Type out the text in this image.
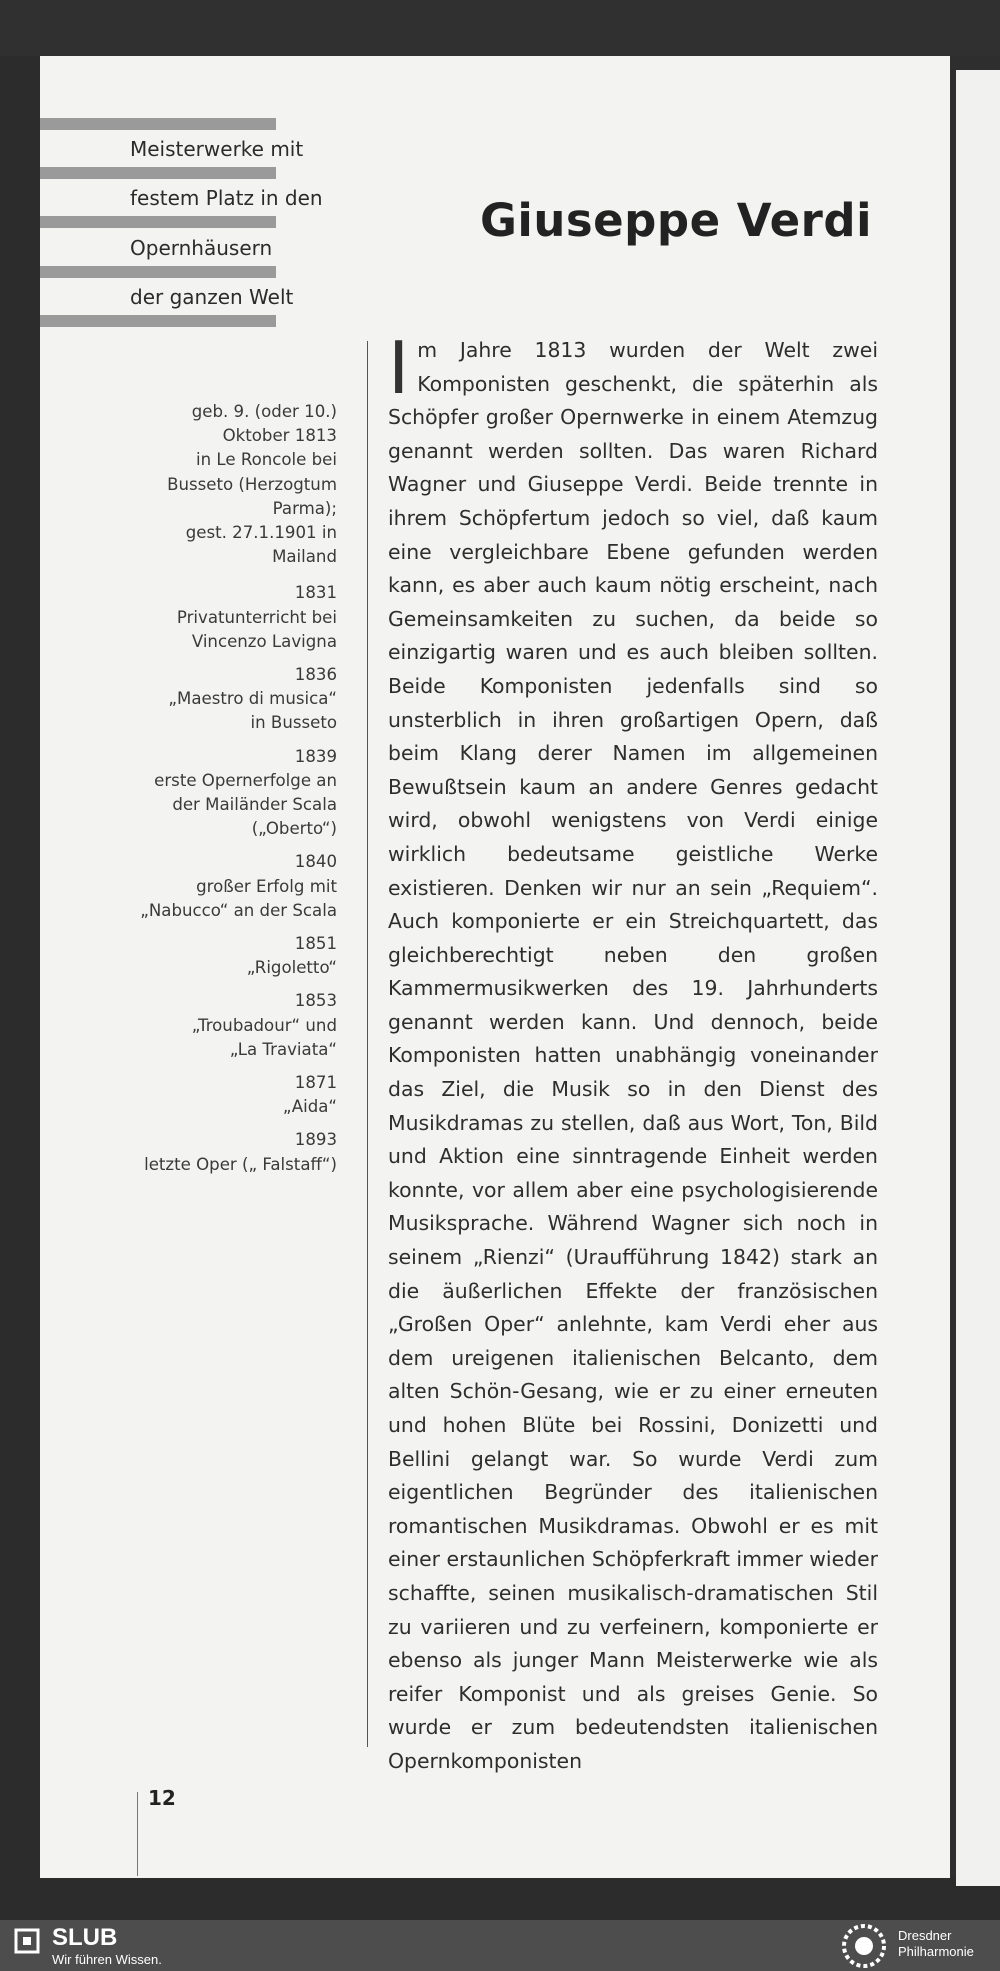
Meisterwerke mit
festem Platz in den
Opernhäusern
der ganzen Welt
Giuseppe Verdi
geb. 9. (oder 10.)
Oktober 1813
in Le Roncole bei
Busseto (Herzogtum
Parma);
gest. 27.1.1901 in
Mailand
1831
Privatunterricht bei
Vincenzo Lavigna
1836
„Maestro di musica“
in Busseto
1839
erste Opernerfolge an
der Mailänder Scala
(„Oberto“)
1840
großer Erfolg mit
„Nabucco“ an der Scala
1851
„Rigoletto“
1853
„Troubadour“ und
„La Traviata“
1871
„Aida“
1893
letzte Oper („ Falstaff“)
Im Jahre 1813 wurden der Welt zwei Komponisten geschenkt, die späterhin als Schöpfer großer Opernwerke in einem Atemzug genannt werden sollten. Das waren Richard Wagner und Giuseppe Verdi. Beide trennte in ihrem Schöpfertum jedoch so viel, daß kaum eine vergleichbare Ebene gefunden werden kann, es aber auch kaum nötig erscheint, nach Gemeinsamkeiten zu suchen, da beide so einzigartig waren und es auch bleiben sollten. Beide Komponisten jedenfalls sind so unsterblich in ihren großartigen Opern, daß beim Klang derer Namen im allgemeinen Bewußtsein kaum an andere Genres gedacht wird, obwohl wenigstens von Verdi einige wirklich bedeutsame geistliche Werke existieren. Denken wir nur an sein „Requiem“. Auch komponierte er ein Streichquartett, das gleichberechtigt neben den großen Kammermusikwerken des 19. Jahrhunderts genannt werden kann. Und dennoch, beide Komponisten hatten unabhängig voneinander das Ziel, die Musik so in den Dienst des Musikdramas zu stellen, daß aus Wort, Ton, Bild und Aktion eine sinntragende Einheit werden konnte, vor allem aber eine psychologisierende Musiksprache. Während Wagner sich noch in seinem „Rienzi“ (Uraufführung 1842) stark an die äußerlichen Effekte der französischen „Großen Oper“ anlehnte, kam Verdi eher aus dem ureigenen italienischen Belcanto, dem alten Schön-Gesang, wie er zu einer erneuten und hohen Blüte bei Rossini, Donizetti und Bellini gelangt war. So wurde Verdi zum eigentlichen Begründer des italienischen romantischen Musikdramas. Obwohl er es mit einer erstaunlichen Schöpferkraft immer wieder schaffte, seinen musikalisch-dramatischen Stil zu variieren und zu verfeinern, komponierte er ebenso als junger Mann Meisterwerke wie als reifer Komponist und als greises Genie. So wurde er zum bedeutendsten italienischen Opernkomponisten
12
SLUB
Wir führen Wissen.
Dresdner
Philharmonie
